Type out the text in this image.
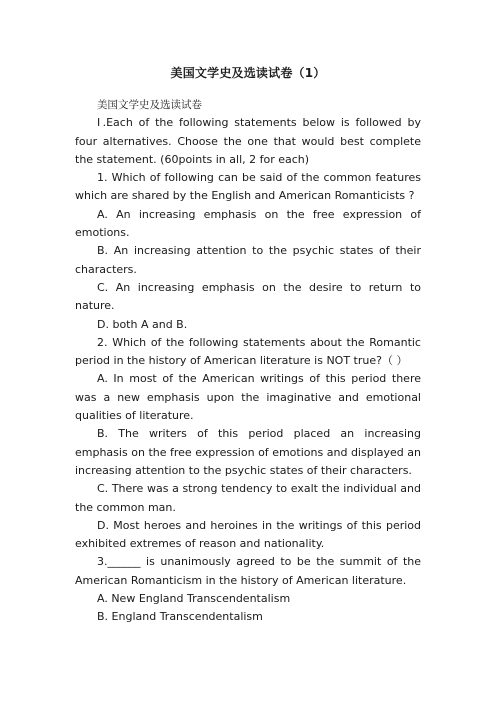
美国文学史及选读试卷（1）

美国文学史及选读试卷

Ⅰ.Each of the following statements below is followed by four alternatives. Choose the one that would best complete the statement. (60points in all, 2 for each)

1. Which of following can be said of the common features which are shared by the English and American Romanticists ?

A. An increasing emphasis on the free expression of emotions.

B. An increasing attention to the psychic states of their characters.

C. An increasing emphasis on the desire to return to nature.

D. both A and B.

2. Which of the following statements about the Romantic period in the history of American literature is NOT true?（ ）

A. In most of the American writings of this period there was a new emphasis upon the imaginative and emotional qualities of literature.

B. The writers of this period placed an increasing emphasis on the free expression of emotions and displayed an increasing attention to the psychic states of their characters.

C. There was a strong tendency to exalt the individual and the common man.

D. Most heroes and heroines in the writings of this period exhibited extremes of reason and nationality.

3.______ is unanimously agreed to be the summit of the American Romanticism in the history of American literature.

A. New England Transcendentalism

B. England Transcendentalism
